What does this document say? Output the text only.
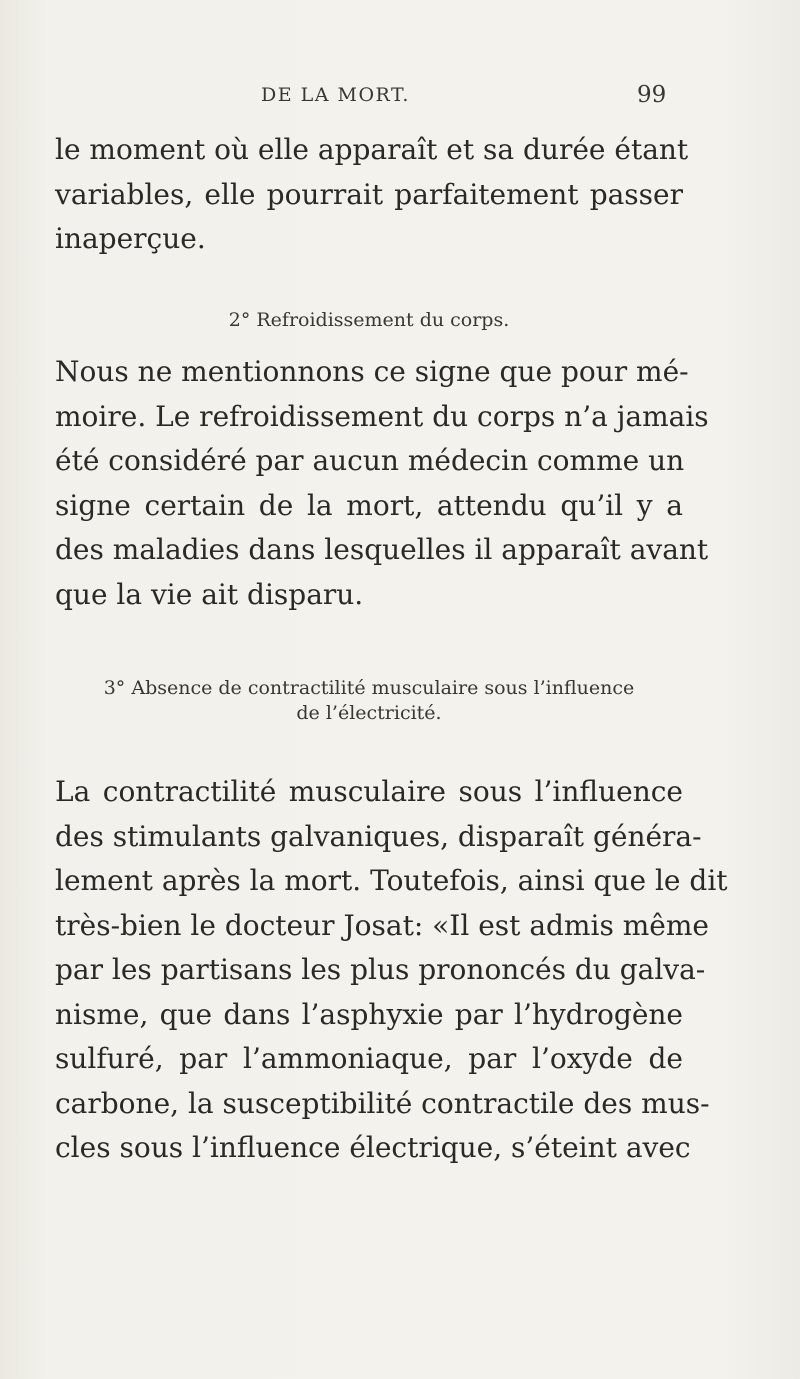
DE LA MORT.	99
le moment où elle apparaît et sa durée étant
variables, elle pourrait parfaitement passer
inaperçue.
2° Refroidissement du corps.
Nous ne mentionnons ce signe que pour mé-
moire. Le refroidissement du corps n’a jamais
été considéré par aucun médecin comme un
signe certain de la mort, attendu qu’il y a
des maladies dans lesquelles il apparaît avant
que la vie ait disparu.
3° Absence de contractilité musculaire sous l’influence
de l’électricité.
La contractilité musculaire sous l’influence
des stimulants galvaniques, disparaît généra-
lement après la mort. Toutefois, ainsi que le dit
très-bien le docteur Josat: «Il est admis même
par les partisans les plus prononcés du galva-
nisme, que dans l’asphyxie par l’hydrogène
sulfuré, par l’ammoniaque, par l’oxyde de
carbone, la susceptibilité contractile des mus-
cles sous l’influence électrique, s’éteint avec
